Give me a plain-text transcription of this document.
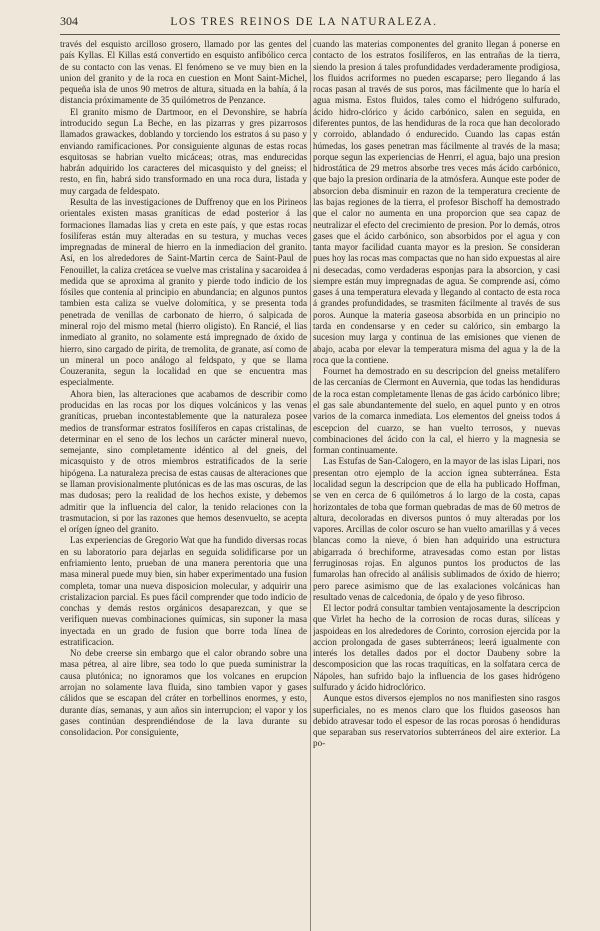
304	LOS TRES REINOS DE LA NATURALEZA.

través del esquisto arcilloso grosero, llamado por las gentes del país Kyllas. El Killas está convertido en esquisto anfibólico cerca de su contacto con las venas. El fenómeno se ve muy bien en la union del granito y de la roca en cuestion en Mont Saint-Michel, pequeña isla de unos 90 metros de altura, situada en la bahía, á la distancia próximamente de 35 quilómetros de Penzance.

El granito mismo de Dartmoor, en el Devonshire, se habría introducido segun La Beche, en las pizarras y gres pizarrosos llamados grawackes, doblando y torciendo los estratos á su paso y enviando ramificaciones. Por consiguiente algunas de estas rocas esquitosas se habrian vuelto micáceas; otras, mas endurecidas habrán adquirido los caracteres del micasquisto y del gneiss; el resto, en fin, habrá sido transformado en una roca dura, listada y muy cargada de feldespato.

Resulta de las investigaciones de Duffrenoy que en los Pirineos orientales existen masas graníticas de edad posterior á las formaciones llamadas lias y creta en este país, y que estas rocas fosilíferas están muy alteradas en su testura, y muchas veces impregnadas de mineral de hierro en la inmediacion del granito. Así, en los alrededores de Saint-Martin cerca de Saint-Paul de Fenouillet, la caliza cretácea se vuelve mas cristalina y sacaroidea á medida que se aproxima al granito y pierde todo indicio de los fósiles que contenía al principio en abundancia; en algunos puntos tambien esta caliza se vuelve dolomítica, y se presenta toda penetrada de venillas de carbonato de hierro, ó salpicada de mineral rojo del mismo metal (hierro oligisto). En Rancié, el lias inmediato al granito, no solamente está impregnado de óxido de hierro, sino cargado de pirita, de tremolita, de granate, así como de un mineral un poco análogo al feldspato, y que se llama Couzeranita, segun la localidad en que se encuentra mas especialmente.

Ahora bien, las alteraciones que acabamos de describir como producidas en las rocas por los diques volcánicos y las venas graníticas, prueban incontestablemente que la naturaleza posee medios de transformar estratos fosilíferos en capas cristalinas, de determinar en el seno de los lechos un carácter mineral nuevo, semejante, sino completamente idéntico al del gneis, del micasquisto y de otros miembros estratificados de la serie hipógena. La naturaleza precisa de estas causas de alteraciones que se llaman provisionalmente plutónicas es de las mas oscuras, de las mas dudosas; pero la realidad de los hechos existe, y debemos admitir que la influencia del calor, la tenido relaciones con la trasmutacion, si por las razones que hemos desenvuelto, se acepta el orígen ígneo del granito.

Las experiencias de Gregorio Wat que ha fundido diversas rocas en su laboratorio para dejarlas en seguida solidificarse por un enfriamiento lento, prueban de una manera perentoria que una masa mineral puede muy bien, sin haber experimentado una fusion completa, tomar una nueva disposicion molecular, y adquirir una cristalizacion parcial. Es pues fácil comprender que todo indicio de conchas y demás restos orgánicos desaparezcan, y que se verifiquen nuevas combinaciones químicas, sin suponer la masa inyectada en un grado de fusion que borre toda línea de estratificacion.

No debe creerse sin embargo que el calor obrando sobre una masa pétrea, al aire libre, sea todo lo que pueda suministrar la causa plutónica; no ignoramos que los volcanes en erupcion arrojan no solamente lava fluida, sino tambien vapor y gases cálidos que se escapan del cráter en torbellinos enormes, y esto, durante días, semanas, y aun años sin interrupcion; el vapor y los gases continúan desprendiéndose de la lava durante su consolidacion. Por consiguiente,

cuando las materias componentes del granito llegan á ponerse en contacto de los estratos fosilíferos, en las entrañas de la tierra, siendo la presion á tales profundidades verdaderamente prodigiosa, los fluidos acriformes no pueden escaparse; pero llegando á las rocas pasan al través de sus poros, mas fácilmente que lo haría el agua misma. Estos fluidos, tales como el hidrógeno sulfurado, ácido hidro-clórico y ácido carbónico, salen en seguida, en diferentes puntos, de las hendiduras de la roca que han decolorado y corroido, ablandado ó endurecido. Cuando las capas están húmedas, los gases penetran mas fácilmente al través de la masa; porque segun las experiencias de Henrri, el agua, bajo una presion hidrostática de 29 metros absorbe tres veces más ácido carbónico, que bajo la presion ordinaria de la atmósfera. Aunque este poder de absorcion deba disminuir en razon de la temperatura creciente de las bajas regiones de la tierra, el profesor Bischoff ha demostrado que el calor no aumenta en una proporcion que sea capaz de neutralizar el efecto del crecimiento de presion. Por lo demás, otros gases que el ácido carbónico, son absorbidos por el agua y con tanta mayor facilidad cuanta mayor es la presion. Se consideran pues hoy las rocas mas compactas que no han sido expuestas al aire ni desecadas, como verdaderas esponjas para la absorcion, y casi siempre están muy impregnadas de agua. Se comprende así, cómo gases á una temperatura elevada y llegando al contacto de esta roca á grandes profundidades, se trasmiten fácilmente al través de sus poros. Aunque la materia gaseosa absorbida en un principio no tarda en condensarse y en ceder su calórico, sin embargo la sucesion muy larga y continua de las emisiones que vienen de abajo, acaba por elevar la temperatura misma del agua y la de la roca que la contiene.

Fournet ha demostrado en su descripcion del gneiss metalífero de las cercanías de Clermont en Auvernia, que todas las hendiduras de la roca estan completamente llenas de gas ácido carbónico libre; el gas sale abundantemente del suelo, en aquel punto y en otros varios de la comarca inmediata. Los elementos del gneiss todos á escepcion del cuarzo, se han vuelto terrosos, y nuevas combinaciones del ácido con la cal, el hierro y la magnesia se forman continuamente.

Las Estufas de San-Calogero, en la mayor de las islas Lipari, nos presentan otro ejemplo de la accion ígnea subterránea. Esta localidad segun la descripcion que de ella ha publicado Hoffman, se ven en cerca de 6 quilómetros á lo largo de la costa, capas horizontales de toba que forman quebradas de mas de 60 metros de altura, decoloradas en diversos puntos ó muy alteradas por los vapores. Arcillas de color oscuro se han vuelto amarillas y á veces blancas como la nieve, ó bien han adquirido una estructura abigarrada ó brechiforme, atravesadas como estan por listas ferruginosas rojas. En algunos puntos los productos de las fumarolas han ofrecido al análisis sublimados de óxido de hierro; pero parece asimismo que de las exalaciones volcánicas han resultado venas de calcedonia, de ópalo y de yeso fibroso.

El lector podrá consultar tambien ventajosamente la descripcion que Virlet ha hecho de la corrosion de rocas duras, silíceas y jaspoideas en los alrededores de Corinto, corrosion ejercida por la accion prolongada de gases subterráneos; leerá igualmente con interés los detalles dados por el doctor Daubeny sobre la descomposicion que las rocas traquíticas, en la solfatara cerca de Nápoles, han sufrido bajo la influencia de los gases hidrógeno sulfurado y ácido hidroclórico.

Aunque estos diversos ejemplos no nos manifiesten sino rasgos superficiales, no es menos claro que los fluidos gaseosos han debido atravesar todo el espesor de las rocas porosas ó hendiduras que separaban sus reservatorios subterráneos del aire exterior. La po-
